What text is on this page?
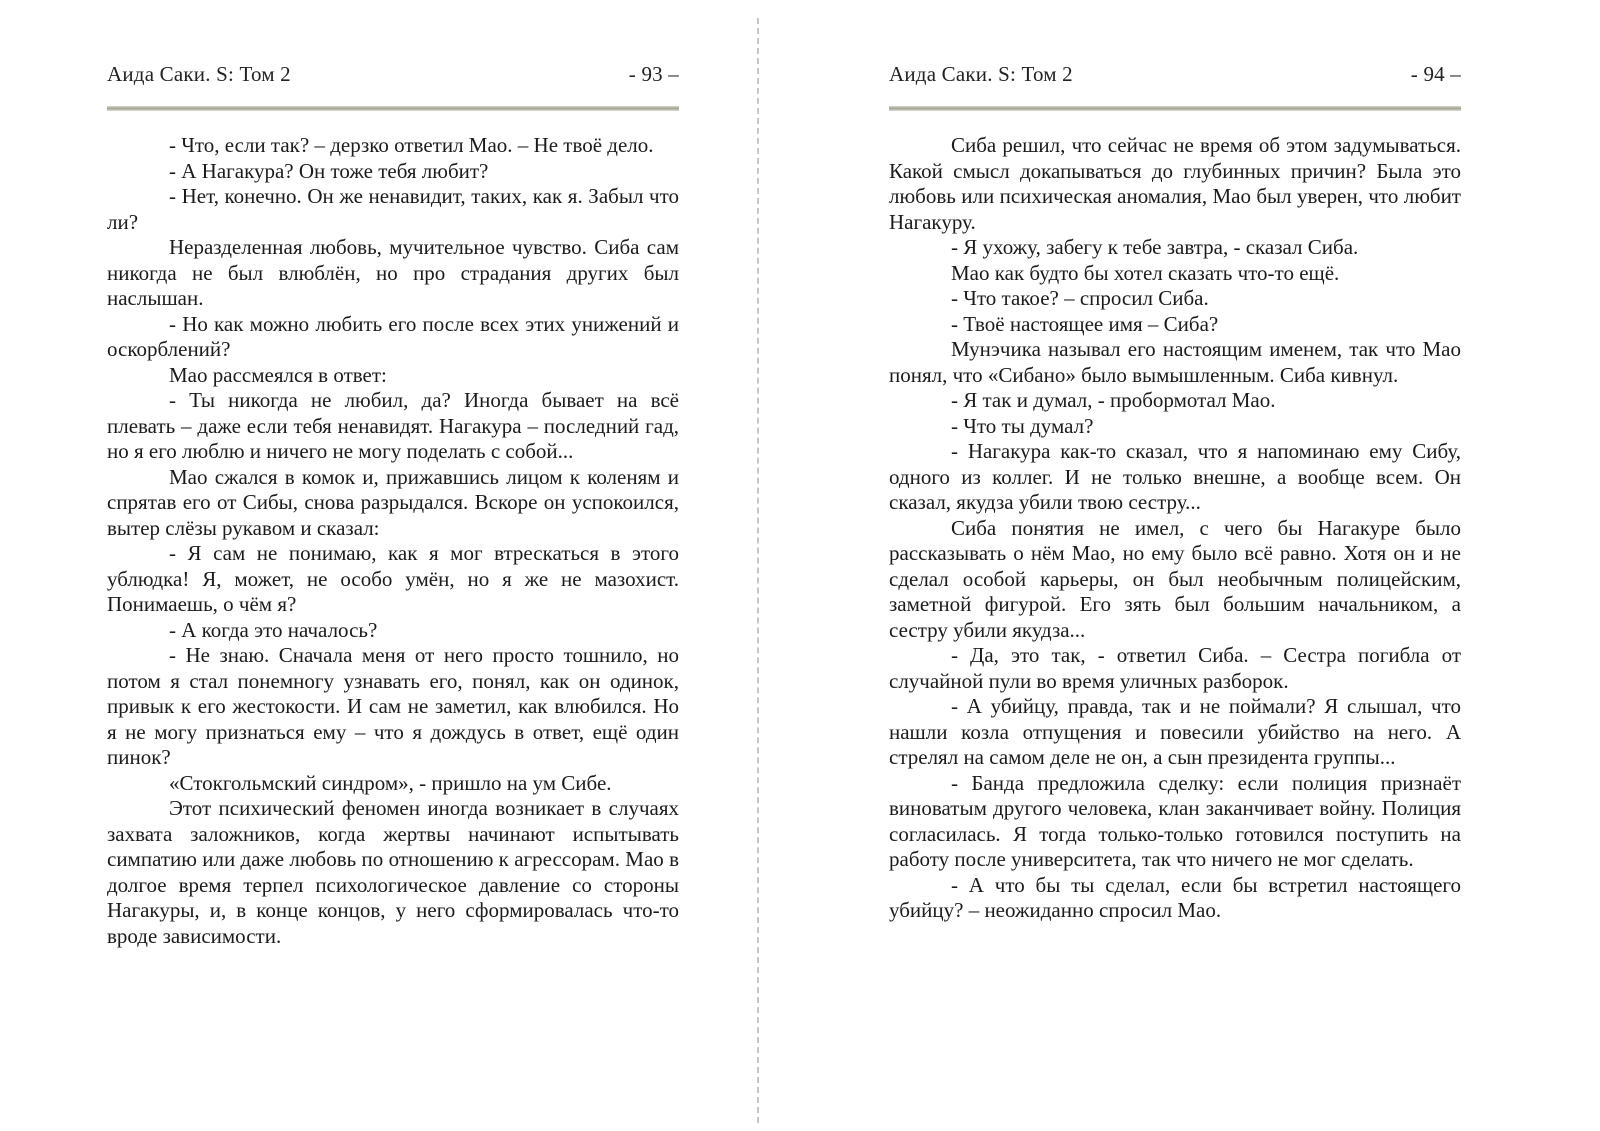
Аида Саки. S: Том 2	- 93 –

- Что, если так? – дерзко ответил Мао. – Не твоё дело.

- А Нагакура? Он тоже тебя любит?

- Нет, конечно. Он же ненавидит, таких, как я. Забыл что ли?

Неразделенная любовь, мучительное чувство. Сиба сам никогда не был влюблён, но про страдания других был наслышан.

- Но как можно любить его после всех этих унижений и оскорблений?

Мао рассмеялся в ответ:

- Ты никогда не любил, да? Иногда бывает на всё плевать – даже если тебя ненавидят. Нагакура – последний гад, но я его люблю и ничего не могу поделать с собой...

Мао сжался в комок и, прижавшись лицом к коленям и спрятав его от Сибы, снова разрыдался. Вскоре он успокоился, вытер слёзы рукавом и сказал:

- Я сам не понимаю, как я мог втрескаться в этого ублюдка! Я, может, не особо умён, но я же не мазохист. Понимаешь, о чём я?

- А когда это началось?

- Не знаю. Сначала меня от него просто тошнило, но потом я стал понемногу узнавать его, понял, как он одинок, привык к его жестокости. И сам не заметил, как влюбился. Но я не могу признаться ему – что я дождусь в ответ, ещё один пинок?

«Стокгольмский синдром», - пришло на ум Сибе.

Этот психический феномен иногда возникает в случаях захвата заложников, когда жертвы начинают испытывать симпатию или даже любовь по отношению к агрессорам. Мао в долгое время терпел психологическое давление со стороны Нагакуры, и, в конце концов, у него сформировалась что-то вроде зависимости.

Аида Саки. S: Том 2	- 94 –

Сиба решил, что сейчас не время об этом задумываться. Какой смысл докапываться до глубинных причин? Была это любовь или психическая аномалия, Мао был уверен, что любит Нагакуру.

- Я ухожу, забегу к тебе завтра, - сказал Сиба.

Мао как будто бы хотел сказать что-то ещё.

- Что такое? – спросил Сиба.

- Твоё настоящее имя – Сиба?

Мунэчика называл его настоящим именем, так что Мао понял, что «Сибано» было вымышленным. Сиба кивнул.

- Я так и думал, - пробормотал Мао.

- Что ты думал?

- Нагакура как-то сказал, что я напоминаю ему Сибу, одного из коллег. И не только внешне, а вообще всем. Он сказал, якудза убили твою сестру...

Сиба понятия не имел, с чего бы Нагакуре было рассказывать о нём Мао, но ему было всё равно. Хотя он и не сделал особой карьеры, он был необычным полицейским, заметной фигурой. Его зять был большим начальником, а сестру убили якудза...

- Да, это так, - ответил Сиба. – Сестра погибла от случайной пули во время уличных разборок.

- А убийцу, правда, так и не поймали? Я слышал, что нашли козла отпущения и повесили убийство на него. А стрелял на самом деле не он, а сын президента группы...

- Банда предложила сделку: если полиция признаёт виноватым другого человека, клан заканчивает войну. Полиция согласилась. Я тогда только-только готовился поступить на работу после университета, так что ничего не мог сделать.

- А что бы ты сделал, если бы встретил настоящего убийцу? – неожиданно спросил Мао.
